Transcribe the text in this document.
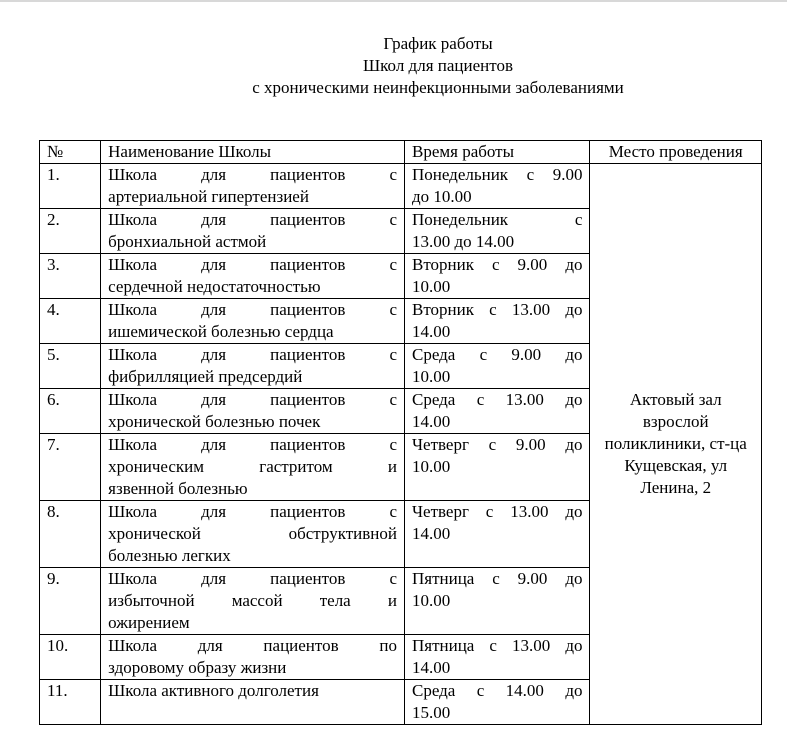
График работы
Школ для пациентов
с хроническими неинфекционными заболеваниями
№	Наименование Школы	Время работы	Место проведения
1.	Школа для пациентов с
артериальной гипертензией	Понедельник с 9.00
до 10.00	Актовый зал взрослой поликлиники, ст-ца Кущевская, ул Ленина, 2
2.	Школа для пациентов с
бронхиальной астмой	Понедельник с
13.00 до 14.00	

3.	Школа для пациентов с
сердечной недостаточностью	Вторник с 9.00 до
10.00	

4.	Школа для пациентов с
ишемической болезнью сердца	Вторник с 13.00 до
14.00	

5.	Школа для пациентов с
фибрилляцией предсердий	Среда с 9.00 до
10.00	

6.	Школа для пациентов с
хронической болезнью почек	Среда с 13.00 до
14.00	

7.	Школа для пациентов с
хроническим гастритом и
язвенной болезнью	Четверг с 9.00 до
10.00	

8.	Школа для пациентов с
хронической обструктивной
болезнью легких	Четверг с 13.00 до
14.00	

9.	Школа для пациентов с
избыточной массой тела и
ожирением	Пятница с 9.00 до
10.00	

10.	Школа для пациентов по
здоровому образу жизни	Пятница с 13.00 до
14.00	

11.	Школа активного долголетия	Среда с 14.00 до
15.00	
